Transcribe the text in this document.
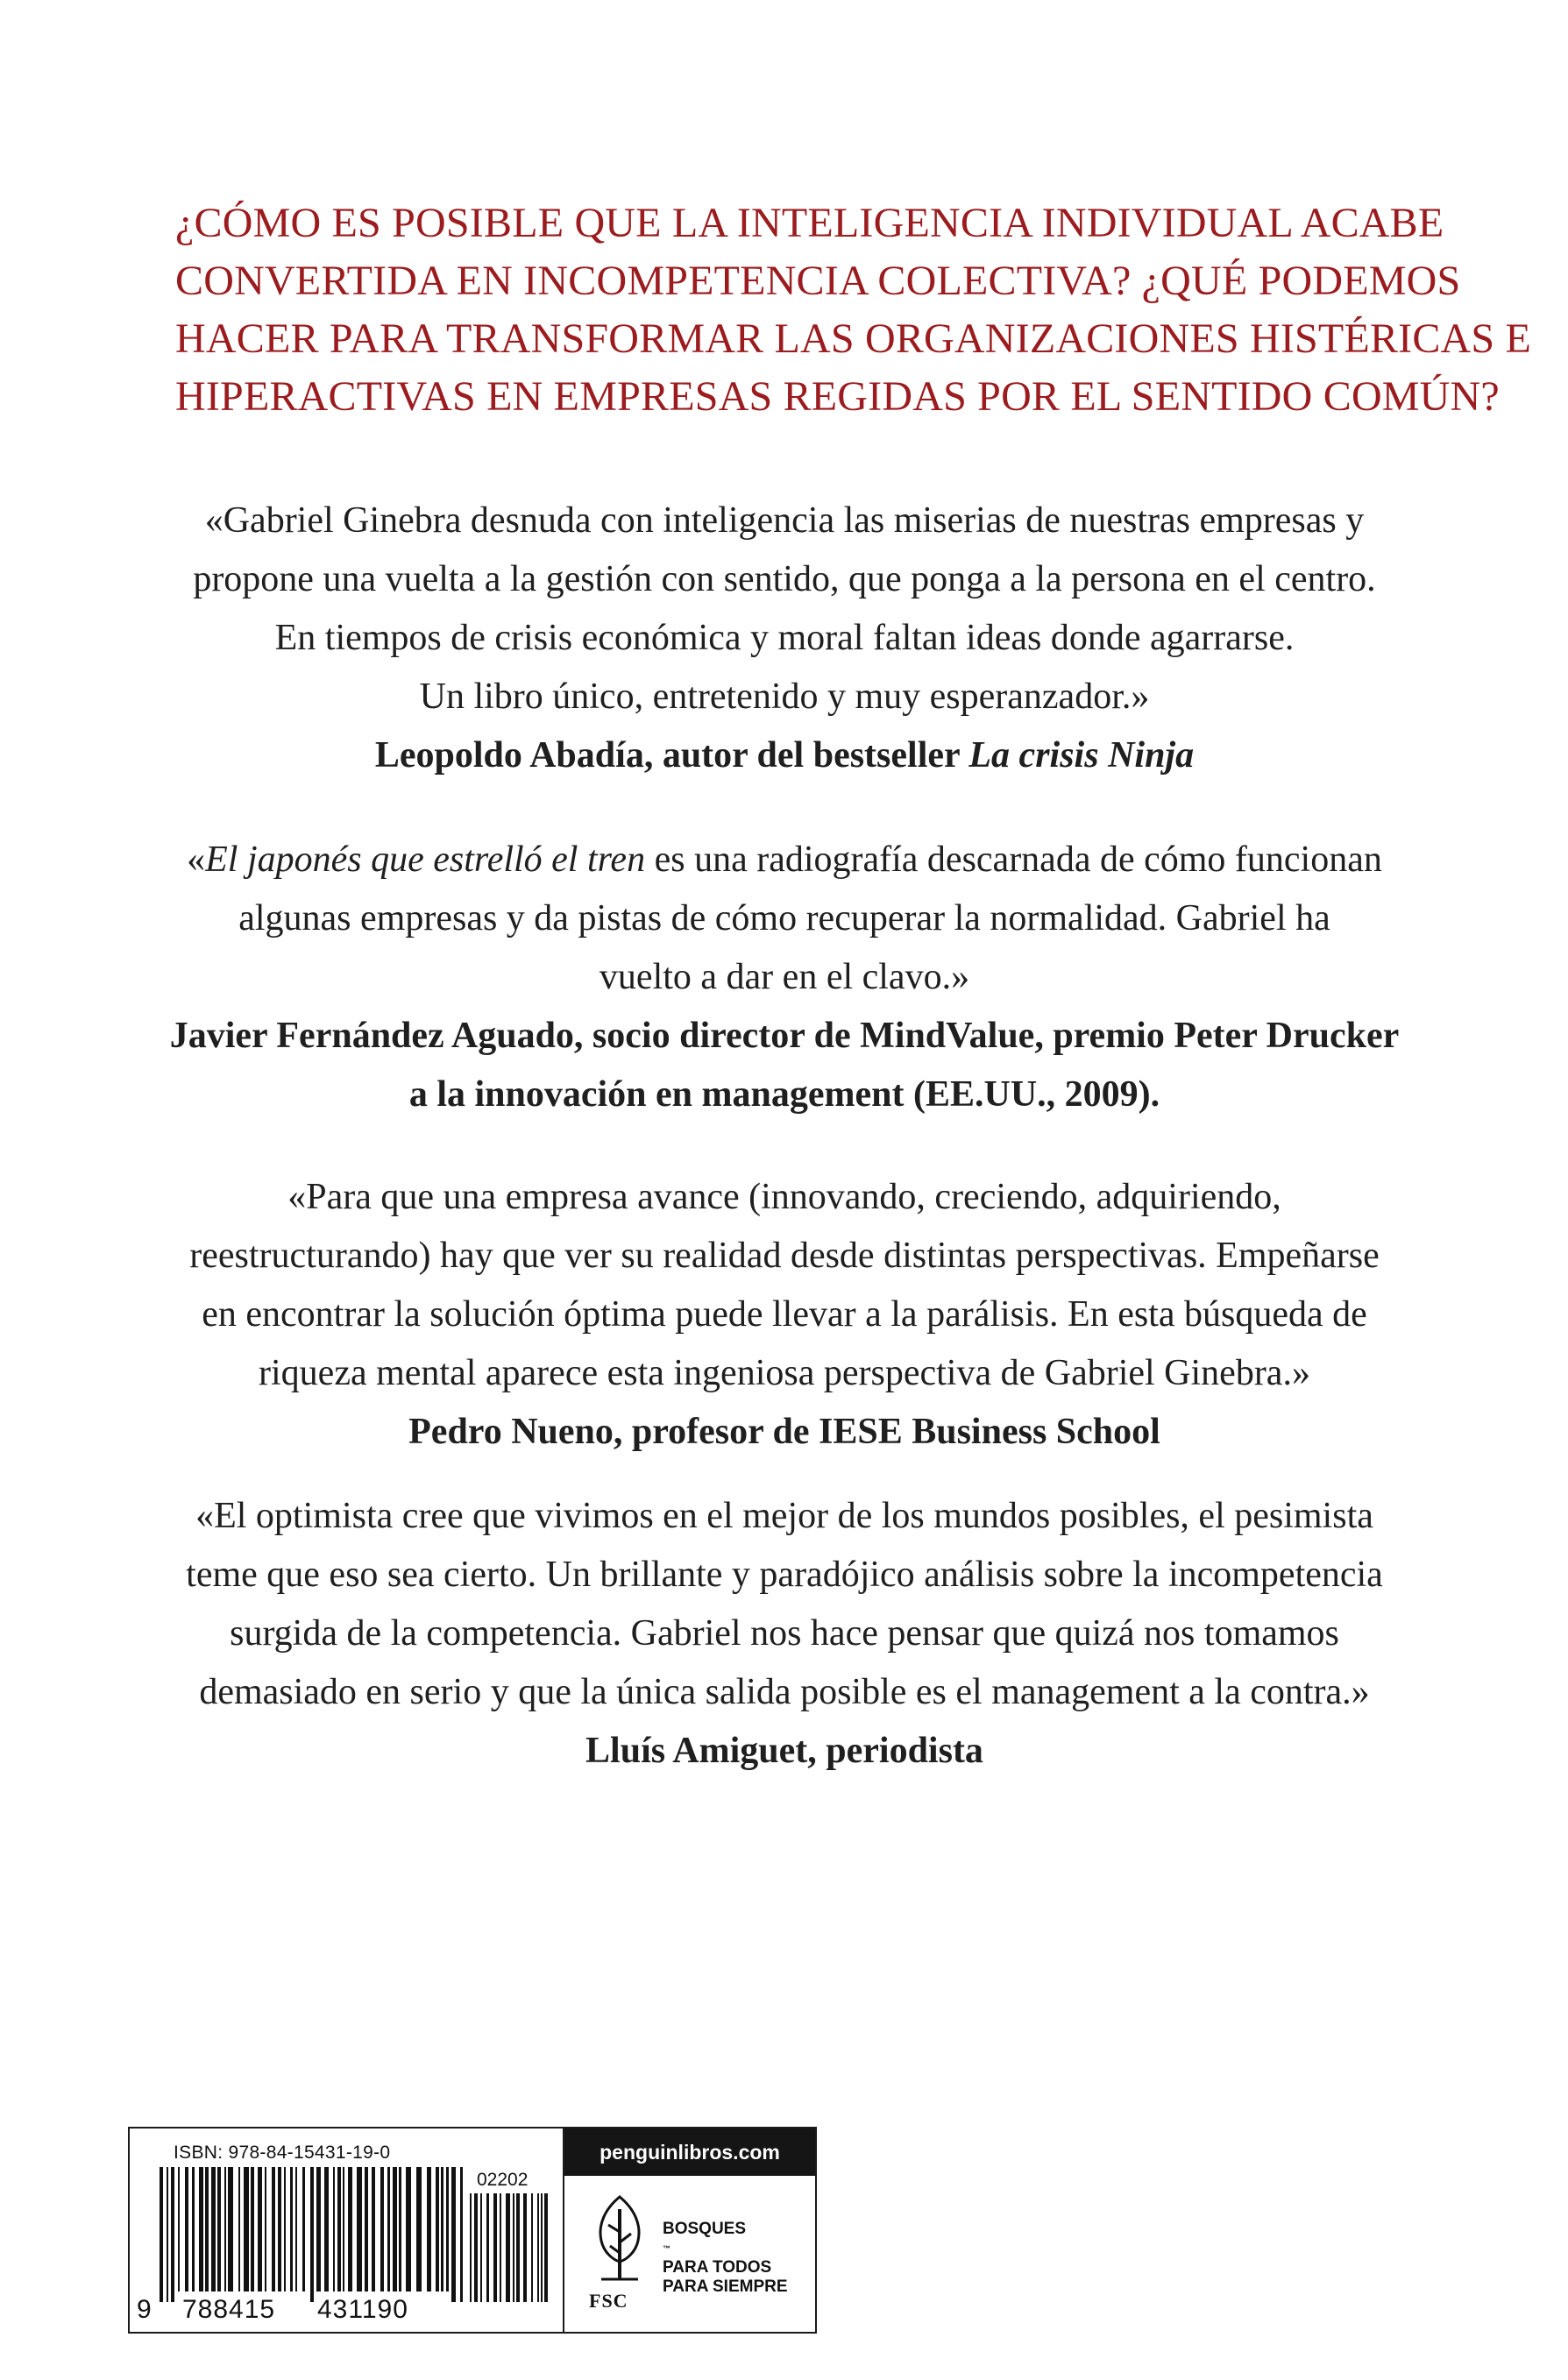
¿CÓMO ES POSIBLE QUE LA INTELIGENCIA INDIVIDUAL ACABE
CONVERTIDA EN INCOMPETENCIA COLECTIVA? ¿QUÉ PODEMOS
HACER PARA TRANSFORMAR LAS ORGANIZACIONES HISTÉRICAS E
HIPERACTIVAS EN EMPRESAS REGIDAS POR EL SENTIDO COMÚN?
«Gabriel Ginebra desnuda con inteligencia las miserias de nuestras empresas y
propone una vuelta a la gestión con sentido, que ponga a la persona en el centro.
En tiempos de crisis económica y moral faltan ideas donde agarrarse.
Un libro único, entretenido y muy esperanzador.»
Leopoldo Abadía, autor del bestseller La crisis Ninja
«El japonés que estrelló el tren es una radiografía descarnada de cómo funcionan
algunas empresas y da pistas de cómo recuperar la normalidad. Gabriel ha
vuelto a dar en el clavo.»
Javier Fernández Aguado, socio director de MindValue, premio Peter Drucker
a la innovación en management (EE.UU., 2009).
«Para que una empresa avance (innovando, creciendo, adquiriendo,
reestructurando) hay que ver su realidad desde distintas perspectivas. Empeñarse
en encontrar la solución óptima puede llevar a la parálisis. En esta búsqueda de
riqueza mental aparece esta ingeniosa perspectiva de Gabriel Ginebra.»
Pedro Nueno, profesor de IESE Business School
«El optimista cree que vivimos en el mejor de los mundos posibles, el pesimista
teme que eso sea cierto. Un brillante y paradójico análisis sobre la incompetencia
surgida de la competencia. Gabriel nos hace pensar que quizá nos tomamos
demasiado en serio y que la única salida posible es el management a la contra.»
Lluís Amiguet, periodista
ISBN: 978-84-15431-19-0
02202
9 788415 431190
penguinlibros.com
FSC
BOSQUES
™
PARA TODOS
PARA SIEMPRE
